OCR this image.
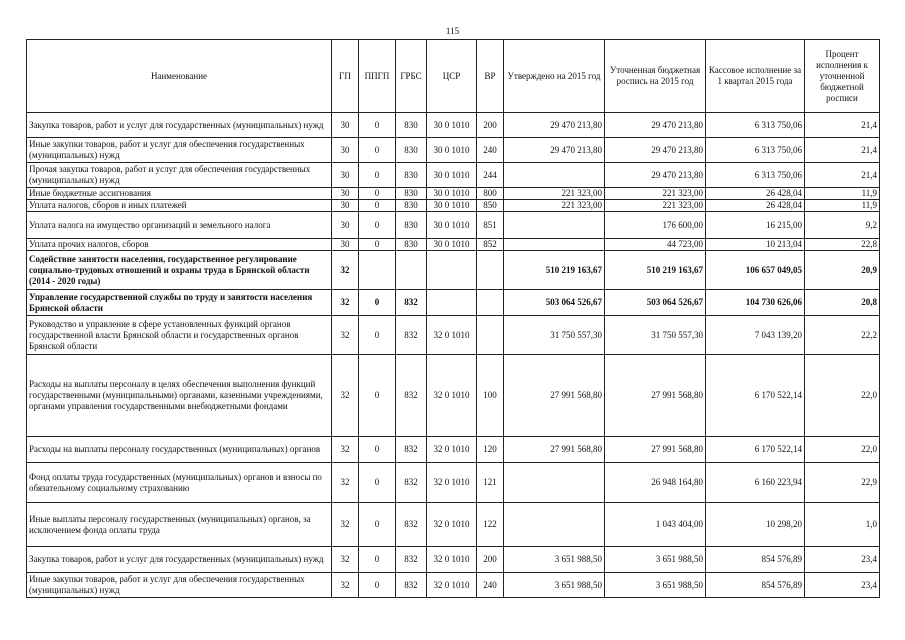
115
Наименование	ГП	ППГП	ГРБС	ЦСР	ВР	Утверждено на 2015 год	Уточненная бюджетная роспись на 2015 год	Кассовое исполнение за 1 квартал 2015 года	Процент исполнения к уточненной бюджетной росписи
Закупка товаров, работ и услуг для государственных (муниципальных) нужд	30	0	830	30 0 1010	200	29 470 213,80	29 470 213,80	6 313 750,06	21,4
Иные закупки товаров, работ и услуг для обеспечения государственных (муниципальных) нужд	30	0	830	30 0 1010	240	29 470 213,80	29 470 213,80	6 313 750,06	21,4
Прочая закупка товаров, работ и услуг для обеспечения государственных (муниципальных) нужд	30	0	830	30 0 1010	244		29 470 213,80	6 313 750,06	21,4
Иные бюджетные ассигнования	30	0	830	30 0 1010	800	221 323,00	221 323,00	26 428,04	11,9
Уплата налогов, сборов и иных платежей	30	0	830	30 0 1010	850	221 323,00	221 323,00	26 428,04	11,9
Уплата налога на имущество организаций и земельного налога	30	0	830	30 0 1010	851		176 600,00	16 215,00	9,2
Уплата прочих налогов, сборов	30	0	830	30 0 1010	852		44 723,00	10 213,04	22,8
Содействие занятости населения, государственное регулирование социально-трудовых отношений и охраны труда в Брянской области (2014 - 2020 годы)	32					510 219 163,67	510 219 163,67	106 657 049,05	20,9
Управление государственной службы по труду и занятости населения Брянской области	32	0	832			503 064 526,67	503 064 526,67	104 730 626,06	20,8
Руководство и управление в сфере установленных функций органов государственной власти Брянской области и государственных органов Брянской области	32	0	832	32 0 1010		31 750 557,30	31 750 557,30	7 043 139,20	22,2
Расходы на выплаты персоналу в целях обеспечения выполнения функций государственными (муниципальными) органами, казенными учреждениями, органами управления государственными внебюджетными фондами	32	0	832	32 0 1010	100	27 991 568,80	27 991 568,80	6 170 522,14	22,0
Расходы на выплаты персоналу государственных (муниципальных) органов	32	0	832	32 0 1010	120	27 991 568,80	27 991 568,80	6 170 522,14	22,0
Фонд оплаты труда государственных (муниципальных) органов и взносы по обязательному социальному страхованию	32	0	832	32 0 1010	121		26 948 164,80	6 160 223,94	22,9
Иные выплаты персоналу государственных (муниципальных) органов, за исключением фонда оплаты труда	32	0	832	32 0 1010	122		1 043 404,00	10 298,20	1,0
Закупка товаров, работ и услуг для государственных (муниципальных) нужд	32	0	832	32 0 1010	200	3 651 988,50	3 651 988,50	854 576,89	23,4
Иные закупки товаров, работ и услуг для обеспечения государственных (муниципальных) нужд	32	0	832	32 0 1010	240	3 651 988,50	3 651 988,50	854 576,89	23,4
